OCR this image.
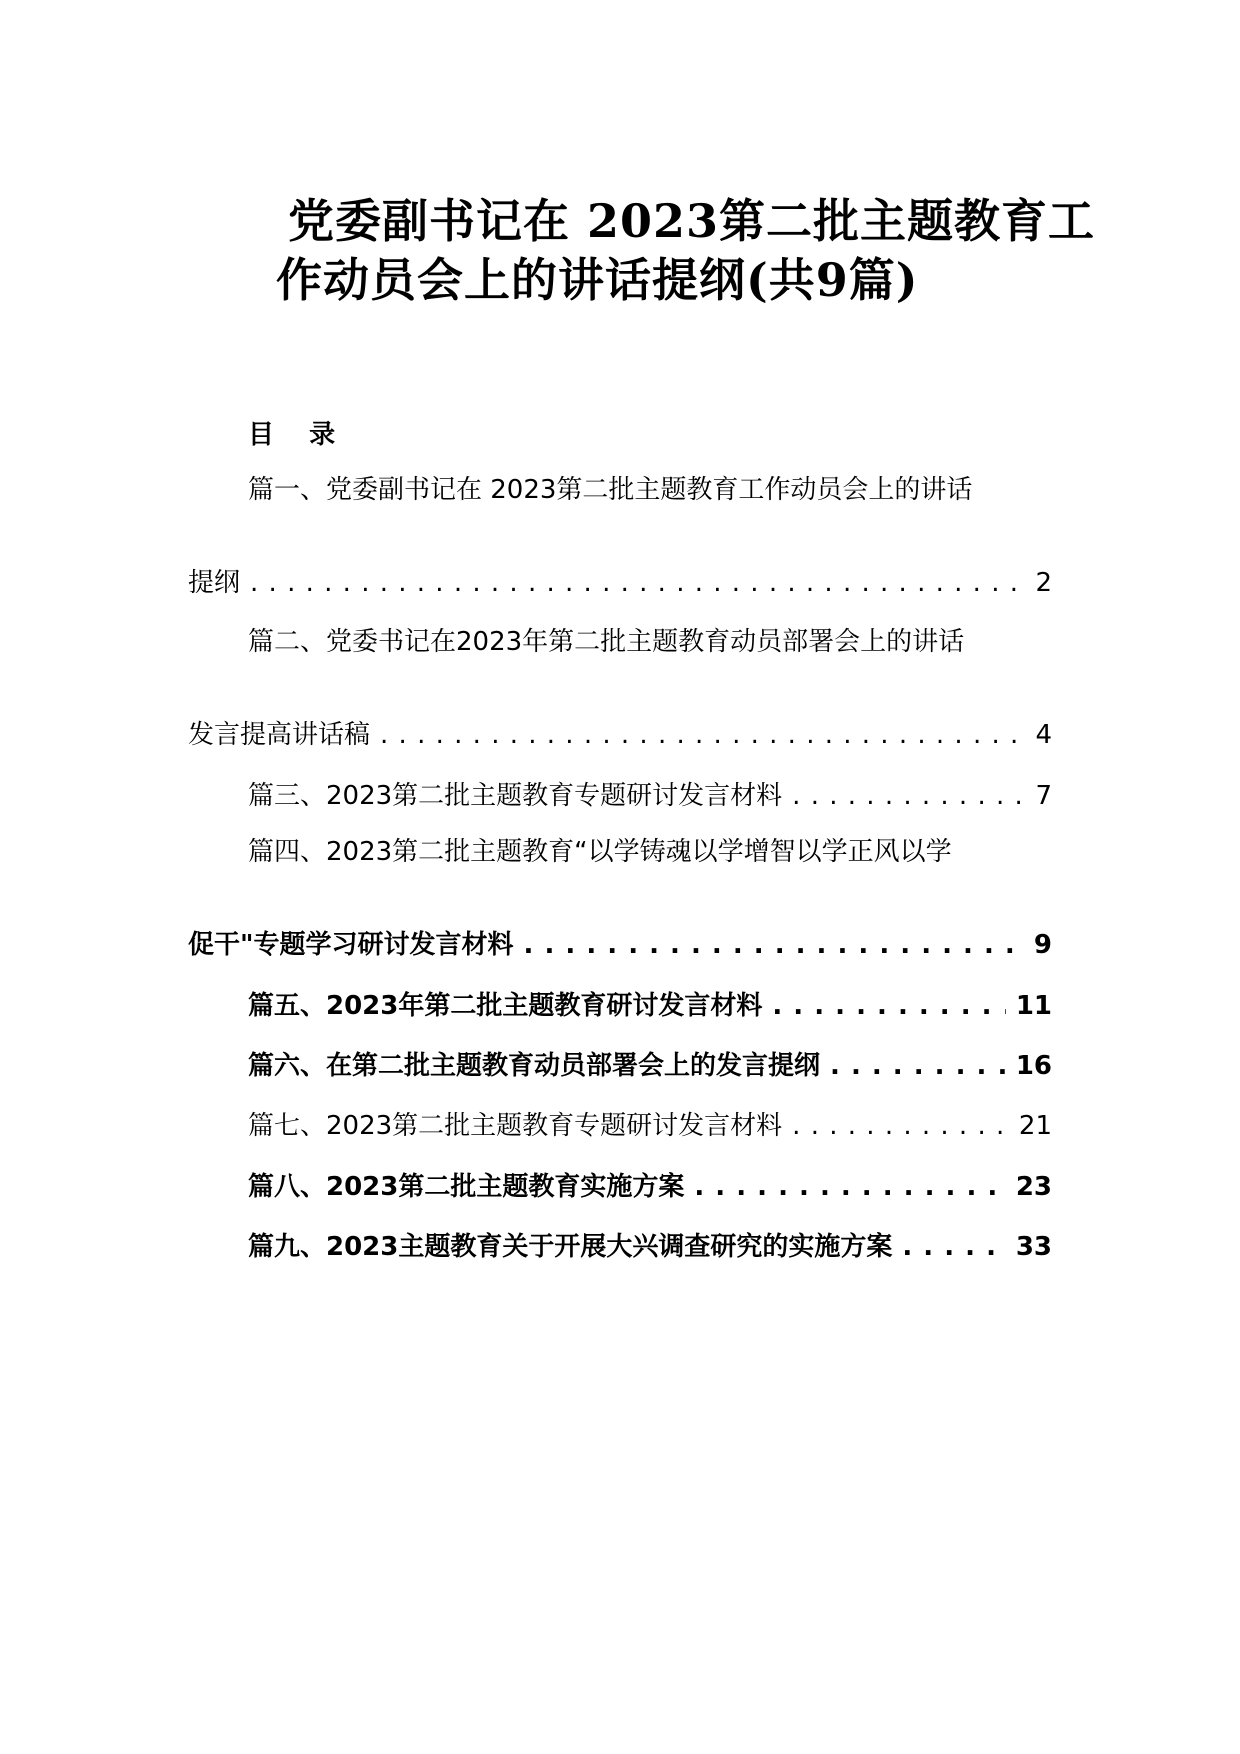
党委副书记在 2023第二批主题教育工
作动员会上的讲话提纲(共9篇)
目 录
篇一、党委副书记在 2023第二批主题教育工作动员会上的讲话
提纲 . . .	2
篇二、党委书记在2023年第二批主题教育动员部署会上的讲话
发言提高讲话稿 . . .	4
篇三、2023第二批主题教育专题研讨发言材料 . . .	7
篇四、2023第二批主题教育“以学铸魂以学增智以学正风以学
促干"专题学习研讨发言材料 . . .	9
篇五、2023年第二批主题教育研讨发言材料 . . .	11
篇六、在第二批主题教育动员部署会上的发言提纲 . . .	16
篇七、2023第二批主题教育专题研讨发言材料 . . .	21
篇八、2023第二批主题教育实施方案 . . .	23
篇九、2023主题教育关于开展大兴调查研究的实施方案 . . .	33
